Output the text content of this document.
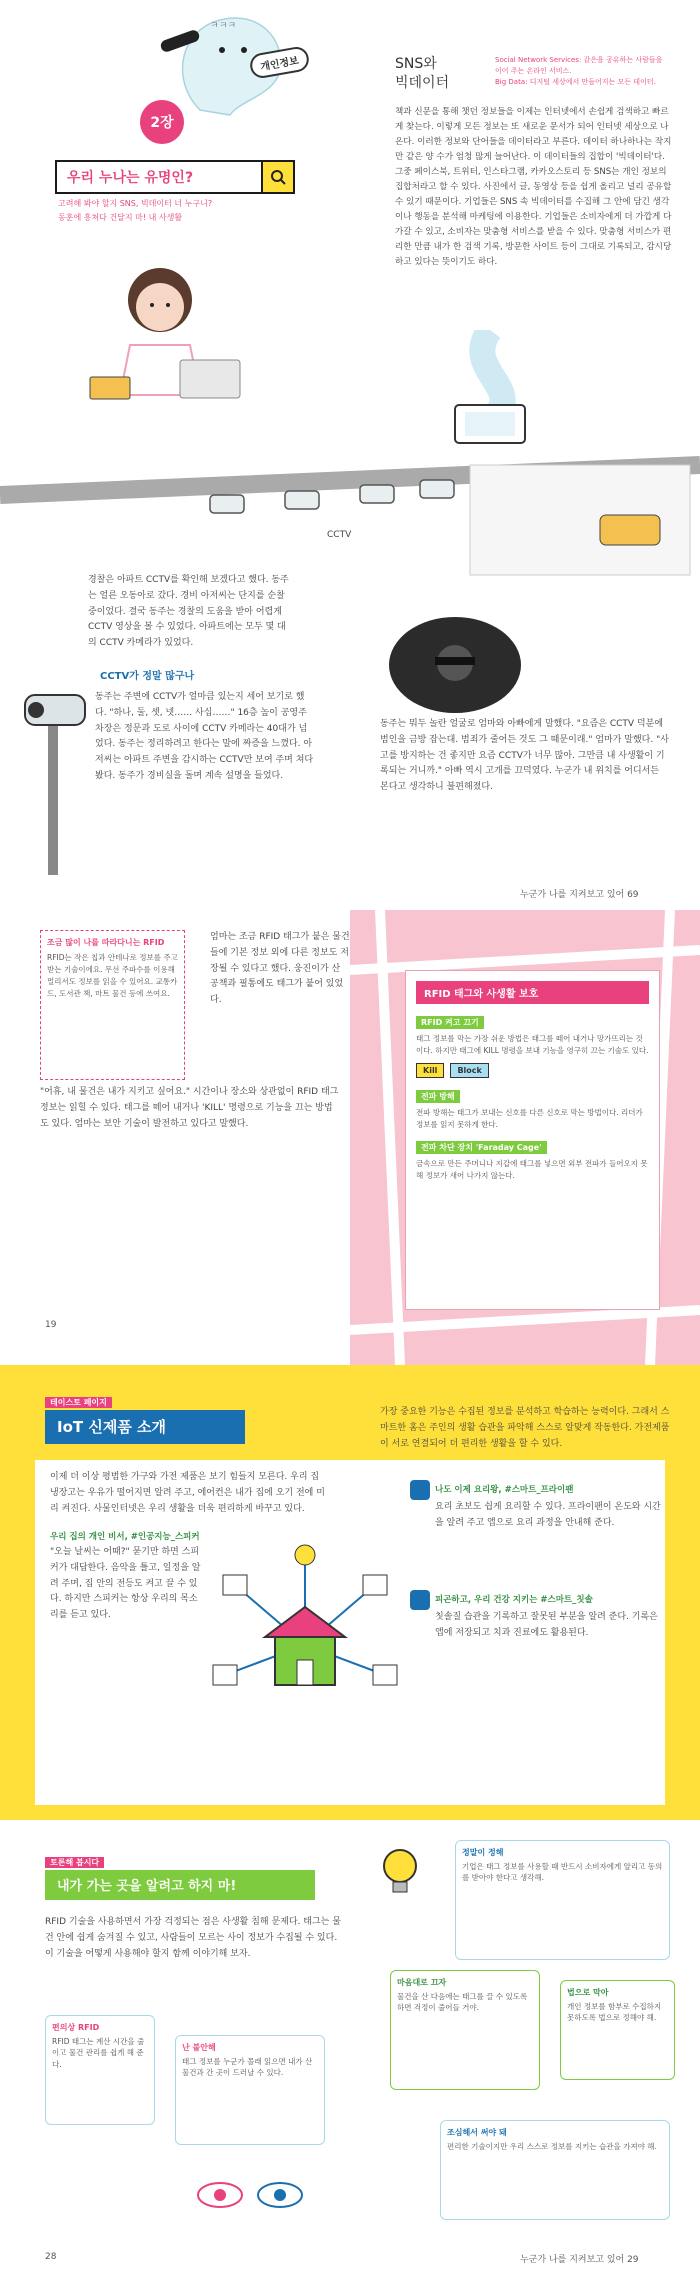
ㅋㅋㅋ
개인정보
2장
우리 누나는 유명인?
고려해 봐야 할지 SNS, 빅데이터 너 누구니?
동훈에 흥쳐다 건달지 마! 내 사생활
SNS와
빅데이터
Social Network Services: 같은을 공유하는 사람들을 이어 주는 온라인 서비스.
Big Data: 디지털 세상에서 만들어지는 모든 데이터.
책과 신문을 통해 챗던 정보들을 이제는 인터넷에서 손쉽게 검색하고 빠르게 찾는다. 이렇게 모든 정보는 또 새로운 문서가 되어 인터넷 세상으로 나온다. 이러한 정보와 단어들을 데이터라고 부른다. 데이터 하나하나는 작지만 같은 양 수가 엄청 많게 늘어난다. 이 데이터들의 집합이 '빅데이터'다. 그중 페이스북, 트위터, 인스타그램, 카카오스토리 등 SNS는 개인 정보의 집합처라고 할 수 있다. 사진에서 글, 동영상 등을 쉽게 올리고 널리 공유할 수 있기 때문이다. 기업들은 SNS 속 빅데이터를 수집해 그 안에 담긴 생각이나 행동을 분석해 마케팅에 이용한다. 기업들은 소비자에게 더 가깝게 다가갈 수 있고, 소비자는 맞춤형 서비스를 받을 수 있다. 맞춤형 서비스가 편리한 만큼 내가 한 검색 기록, 방문한 사이트 등이 그대로 기록되고, 감시당하고 있다는 뜻이기도 하다.
CCTV
경찰은 아파트 CCTV를 확인해 보겠다고 했다. 동주는 얼른 오동아로 갔다. 경비 아저씨는 단지를 순찰 중이었다. 결국 동주는 경찰의 도움을 받아 어렵게 CCTV 영상을 볼 수 있었다. 아파트에는 모두 몇 대의 CCTV 카메라가 있었다.
CCTV가 정말 많구나
동주는 주변에 CCTV가 얼마큼 있는지 세어 보기로 했다. "하나, 둘, 셋, 넷…… 사십……" 16층 높이 공영주차장은 정문과 도로 사이에 CCTV 카메라는 40대가 넘었다. 동주는 정리하려고 한다는 말에 짜증을 느꼈다. 아저씨는 아파트 주변을 감시하는 CCTV만 보여 주며 쳐다봤다. 동주가 경비실을 돌며 계속 설명을 들었다.
동주는 뭐두 놀란 얼굴로 엄마와 아빠에게 말했다. "요즘은 CCTV 덕분에 범인을 금방 잡는대. 범죄가 줄어든 것도 그 때문이래." 엄마가 말했다. "사고를 방지하는 건 좋지만 요즘 CCTV가 너무 많아. 그만큼 내 사생활이 기록되는 거니까." 아빠 역시 고개를 끄덕였다. 누군가 내 위치를 어디서든 본다고 생각하니 불편해졌다.
누군가 나를 지켜보고 있어 69
조금 많이 나를 따라다니는 RFID
RFID는 작은 칩과 안테나로 정보를 주고받는 기술이에요. 무선 주파수를 이용해 멀리서도 정보를 읽을 수 있어요. 교통카드, 도서관 책, 마트 물건 등에 쓰여요.
엄마는 조금 RFID 태그가 붙은 물건들에 기본 정보 외에 다른 정보도 저장될 수 있다고 했다. 웅진이가 산 공책과 필통에도 태그가 붙어 있었다.
"어휴, 내 물건은 내가 지키고 싶어요." 시간이나 장소와 상관없이 RFID 태그 정보는 읽힐 수 있다. 태그를 떼어 내거나 'KILL' 명령으로 기능을 끄는 방법도 있다. 엄마는 보안 기술이 발전하고 있다고 말했다.
19
RFID 태그와 사생활 보호
RFID 켜고 끄기
태그 정보를 막는 가장 쉬운 방법은 태그를 떼어 내거나 망가뜨리는 것이다. 하지만 태그에 KILL 명령을 보내 기능을 영구히 끄는 기술도 있다.
Kill	Block
전파 방해
전파 방해는 태그가 보내는 신호를 다른 신호로 막는 방법이다. 리더가 정보를 읽지 못하게 한다.
전파 차단 장치 'Faraday Cage'
금속으로 만든 주머니나 지갑에 태그를 넣으면 외부 전파가 들어오지 못해 정보가 새어 나가지 않는다.
테이스토 페이지
IoT 신제품 소개
가장 중요한 기능은 수집된 정보를 분석하고 학습하는 능력이다. 그래서 스마트한 홈은 주인의 생활 습관을 파악해 스스로 알맞게 작동한다. 가전제품이 서로 연결되어 더 편리한 생활을 할 수 있다.
이제 더 이상 평범한 가구와 가전 제품은 보기 힘들지 모른다. 우리 집 냉장고는 우유가 떨어지면 알려 주고, 에어컨은 내가 집에 오기 전에 미리 켜진다. 사물인터넷은 우리 생활을 더욱 편리하게 바꾸고 있다.
우리 집의 개인 비서, #인공지능_스피커
"오늘 날씨는 어때?" 묻기만 하면 스피커가 대답한다. 음악을 틀고, 일정을 알려 주며, 집 안의 전등도 켜고 끌 수 있다. 하지만 스피커는 항상 우리의 목소리를 듣고 있다.
나도 이제 요리왕, #스마트_프라이팬
요리 초보도 쉽게 요리할 수 있다. 프라이팬이 온도와 시간을 알려 주고 앱으로 요리 과정을 안내해 준다.
피곤하고, 우리 건강 지키는 #스마트_칫솔
칫솔질 습관을 기록하고 잘못된 부분을 알려 준다. 기록은 앱에 저장되고 치과 진료에도 활용된다.
토론해 봅시다
내가 가는 곳을 알려고 하지 마!
RFID 기술을 사용하면서 가장 걱정되는 점은 사생활 침해 문제다. 태그는 물건 안에 쉽게 숨겨질 수 있고, 사람들이 모르는 사이 정보가 수집될 수 있다. 이 기술을 어떻게 사용해야 할지 함께 이야기해 보자.
편의상 RFID
RFID 태그는 계산 시간을 줄이고 물건 관리를 쉽게 해 준다.
난 불안해
태그 정보를 누군가 몰래 읽으면 내가 산 물건과 간 곳이 드러날 수 있다.
정말이 정해
기업은 태그 정보를 사용할 때 반드시 소비자에게 알리고 동의를 받아야 한다고 생각해.
마음대로 끄자
물건을 산 다음에는 태그를 끌 수 있도록 하면 걱정이 줄어들 거야.
법으로 막아
개인 정보를 함부로 수집하지 못하도록 법으로 정해야 해.
조심해서 써야 돼
편리한 기술이지만 우리 스스로 정보를 지키는 습관을 가져야 해.
28	누군가 나를 지켜보고 있어 29
